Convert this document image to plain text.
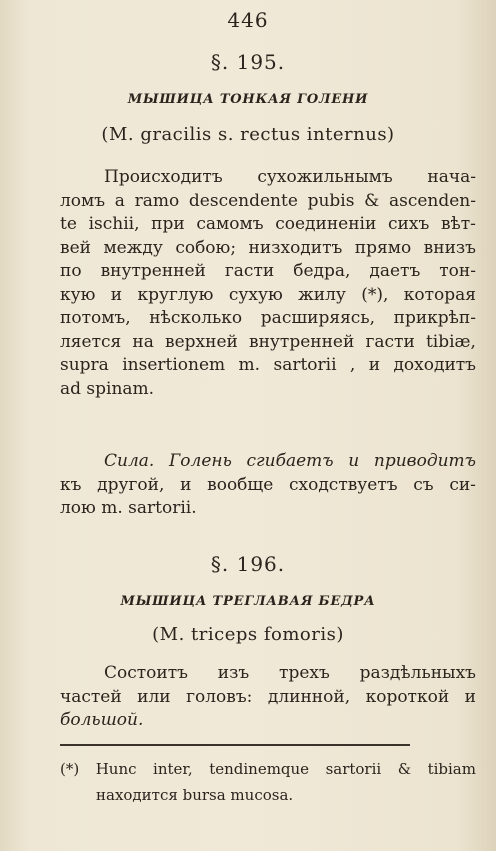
446
§. 195.
МЫШИЦА ТОНКАЯ ГОЛЕНИ
(M. gracilis s. rectus internus)
Происходитъ сухожильнымъ нача-
ломъ а ramo descendente pubis & ascenden-
te ischii, при самомъ соединеніи сихъ вѣт-
вей между собою; низходитъ прямо внизъ
по внутренней гасти бедра, даетъ тон-
кую и круглую сухую жилу (*), которая
потомъ, нѣсколько расширяясь, прикрѣп-
ляется на верхней внутренней гасти tibiæ,
supra insertionem m. sartorii , и доходитъ
ad spinam.
Сила. Голень сгибаетъ и приводитъ
къ другой, и вообще сходствуетъ съ си-
лою m. sartorii.
§. 196.
МЫШИЦА ТРЕГЛАВАЯ БЕДРА
(M. triceps fomoris)
Состоитъ изъ трехъ раздѣльныхъ
частей или головъ: длинной, короткой и
большой.
(*) Hunc inter, tendinemque sartorii & tibiam
находится bursa mucosa.
